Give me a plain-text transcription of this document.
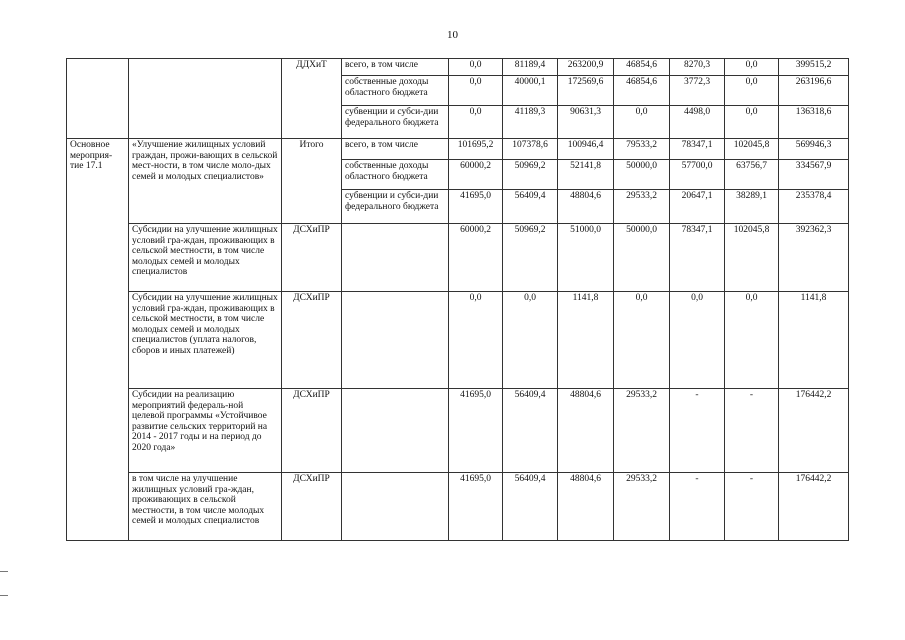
10
		ДДХиТ	всего, в том числе	0,0	81189,4	263200,9	46854,6	8270,3	0,0	399515,2
			собственные доходы областного бюджета	0,0	40000,1	172569,6	46854,6	3772,3	0,0	263196,6
			субвенции и субси-дии федерального бюджета	0,0	41189,3	90631,3	0,0	4498,0	0,0	136318,6
Основное мероприя-тие 17.1	«Улучшение жилищных условий граждан, прожи-вающих в сельской мест-ности, в том числе моло-дых семей и молодых специалистов»	Итого	всего, в том числе	101695,2	107378,6	100946,4	79533,2	78347,1	102045,8	569946,3
			собственные доходы областного бюджета	60000,2	50969,2	52141,8	50000,0	57700,0	63756,7	334567,9
			субвенции и субси-дии федерального бюджета	41695,0	56409,4	48804,6	29533,2	20647,1	38289,1	235378,4
	Субсидии на улучшение жилищных условий гра-ждан, проживающих в сельской местности, в том числе молодых семей и молодых специалистов	ДСХиПР		60000,2	50969,2	51000,0	50000,0	78347,1	102045,8	392362,3
	Субсидии на улучшение жилищных условий гра-ждан, проживающих в сельской местности, в том числе молодых семей и молодых специалистов (уплата налогов, сборов и иных платежей)	ДСХиПР		0,0	0,0	1141,8	0,0	0,0	0,0	1141,8
	Субсидии на реализацию мероприятий федераль-ной целевой программы «Устойчивое развитие сельских территорий на 2014 - 2017 годы и на период до 2020 года»	ДСХиПР		41695,0	56409,4	48804,6	29533,2	-	-	176442,2
	в том числе на улучшение жилищных условий гра-ждан, проживающих в сельской местности, в том числе молодых семей и молодых специалистов	ДСХиПР		41695,0	56409,4	48804,6	29533,2	-	-	176442,2
